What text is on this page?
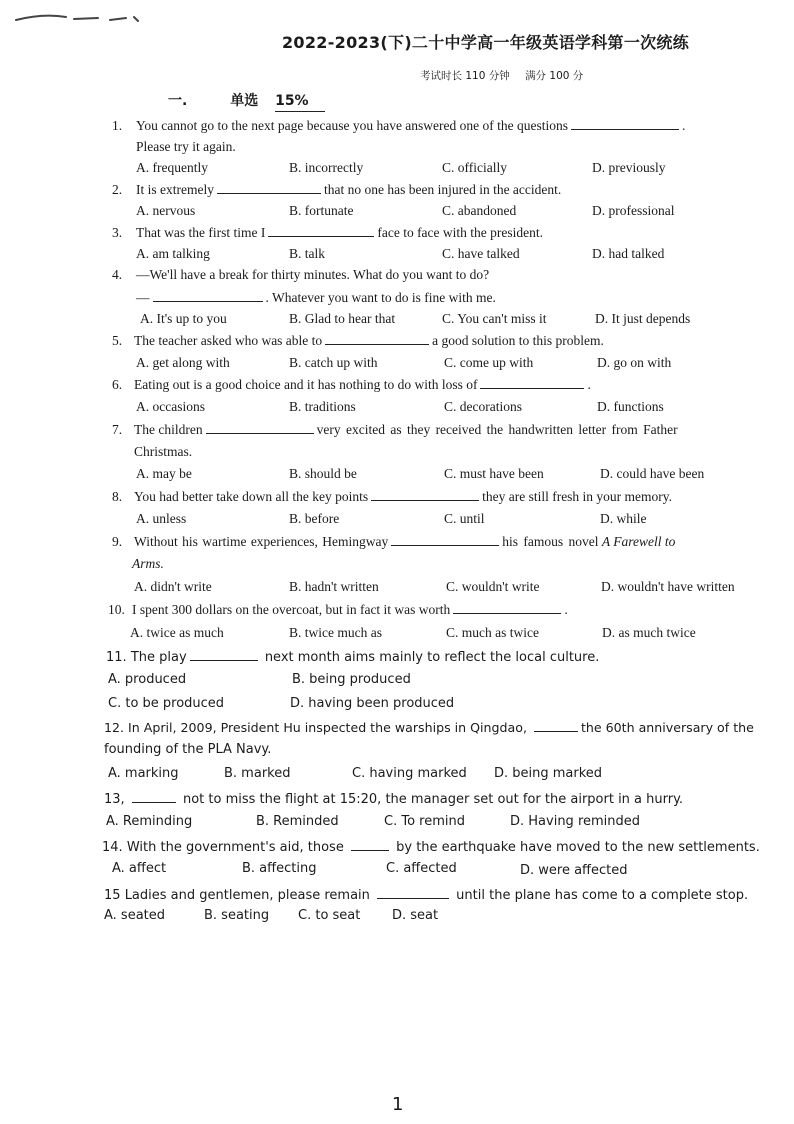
2022-2023(下)二十中学高一年级英语学科第一次统练
考试时长 110 分钟 满分 100 分
一.	单选 15%
1. You cannot go to the next page because you have answered one of the questions	.
Please try it again.
A. frequently	B. incorrectly	C. officially	D. previously
2. It is extremely	that no one has been injured in the accident.
A. nervous	B. fortunate	C. abandoned	D. professional
3. That was the first time I	face to face with the president.
A. am talking	B. talk	C. have talked	D. had talked
4. —We'll have a break for thirty minutes. What do you want to do?
—	. Whatever you want to do is fine with me.
A. It's up to you	B. Glad to hear that	C. You can't miss it	D. It just depends
5. The teacher asked who was able to	a good solution to this problem.
A. get along with	B. catch up with	C. come up with	D. go on with
6. Eating out is a good choice and it has nothing to do with loss of	.
A. occasions	B. traditions	C. decorations	D. functions
7. The children	very excited as they received the handwritten letter from Father
Christmas.
A. may be	B. should be	C. must have been	D. could have been
8. You had better take down all the key points	they are still fresh in your memory.
A. unless	B. before	C. until	D. while
9. Without his wartime experiences, Hemingway	his famous novel A Farewell to
Arms.
A. didn't write	B. hadn't written	C. wouldn't write	D. wouldn't have written
10. I spent 300 dollars on the overcoat, but in fact it was worth	.
A. twice as much	B. twice much as	C. much as twice	D. as much twice
11. The play	next month aims mainly to reflect the local culture.
A. produced	B. being produced
C. to be produced	D. having been produced
12. In April, 2009, President Hu inspected the warships in Qingdao,	the 60th anniversary of the
founding of the PLA Navy.
A. marking	B. marked	C. having marked D. being marked
13,	not to miss the flight at 15:20, the manager set out for the airport in a hurry.
A. Reminding	B. Reminded	C. To remind	D. Having reminded
14. With the government's aid, those	by the earthquake have moved to the new settlements.
A. affect	B. affecting	C. affected	D. were affected
15 Ladies and gentlemen, please remain	until the plane has come to a complete stop.
A. seated	B. seating C. to seat D. seat
1
